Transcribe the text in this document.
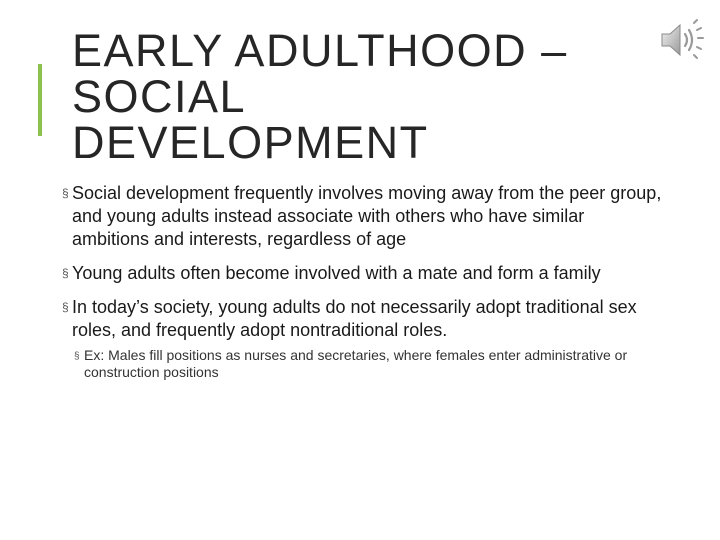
EARLY ADULTHOOD –
SOCIAL
DEVELOPMENT
§ Social development frequently involves moving away from the peer group, and young adults instead associate with others who have similar ambitions and interests, regardless of age
§ Young adults often become involved with a mate and form a family
§ In today’s society, young adults do not necessarily adopt traditional sex roles, and frequently adopt nontraditional roles.
§ Ex: Males fill positions as nurses and secretaries, where females enter administrative or construction positions
